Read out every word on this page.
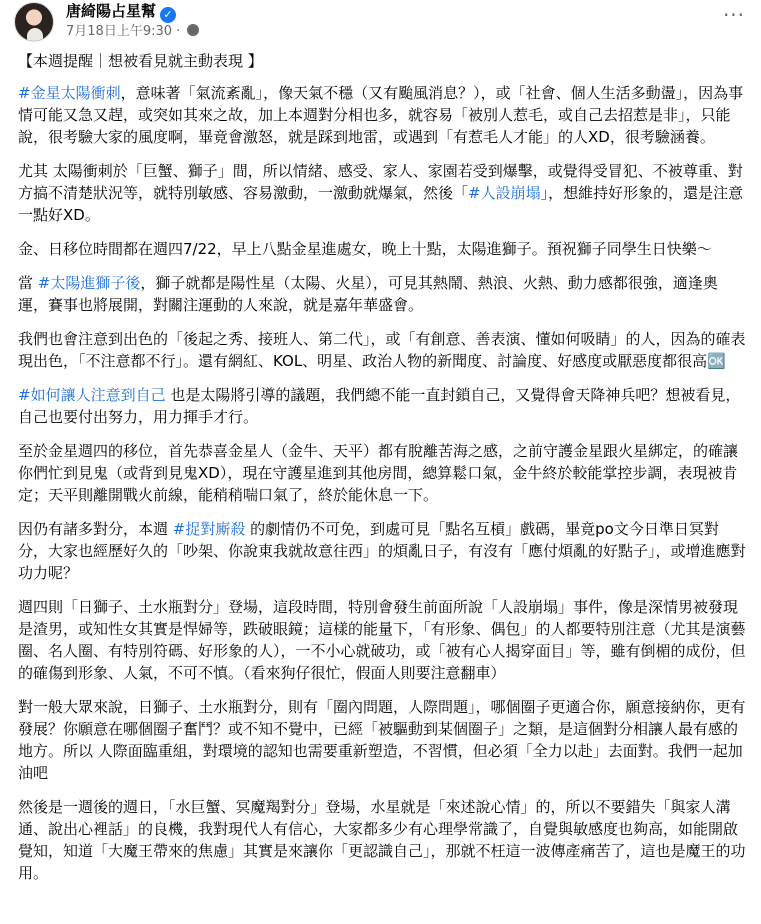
唐綺陽占星幫 ✓
7月18日上午9:30 ·
···

【本週提醒｜想被看見就主動表現 】

#金星太陽衝刺，意味著「氣流紊亂」，像天氣不穩（又有颱風消息？），或「社會、個人生活多動盪」，因為事情可能又急又趕，或突如其來之故，加上本週對分相也多，就容易「被別人惹毛，或自己去招惹是非」，只能說，很考驗大家的風度啊，畢竟會激怒，就是踩到地雷，或遇到「有惹毛人才能」的人XD，很考驗涵養。

尤其 太陽衝刺於「巨蟹、獅子」間，所以情緒、感受、家人、家園若受到爆擊，或覺得受冒犯、不被尊重、對方搞不清楚狀況等，就特別敏感、容易激動，一激動就爆氣，然後「#人設崩塌」，想維持好形象的，還是注意一點好XD。

金、日移位時間都在週四7/22，早上八點金星進處女，晚上十點，太陽進獅子。預祝獅子同學生日快樂～

當 #太陽進獅子後，獅子就都是陽性星（太陽、火星），可見其熱鬧、熱浪、火熱、動力感都很強，適逢奧運，賽事也將展開，對關注運動的人來說，就是嘉年華盛會。

我們也會注意到出色的「後起之秀、接班人、第二代」，或「有創意、善表演、懂如何吸睛」的人，因為的確表現出色，「不注意都不行」。還有網紅、KOL、明星、政治人物的新聞度、討論度、好感度或厭惡度都很高🆗

#如何讓人注意到自己 也是太陽將引導的議題，我們總不能一直封鎖自己，又覺得會天降神兵吧？想被看見，自己也要付出努力，用力揮手才行。

至於金星週四的移位，首先恭喜金星人（金牛、天平）都有脫離苦海之感，之前守護金星跟火星綁定，的確讓你們忙到見鬼（或背到見鬼XD），現在守護星進到其他房間，總算鬆口氣，金牛終於較能掌控步調，表現被肯定；天平則離開戰火前線，能稍稍喘口氣了，終於能休息一下。

因仍有諸多對分，本週 #捉對廝殺 的劇情仍不可免，到處可見「點名互槓」戲碼，畢竟po文今日準日冥對分，大家也經歷好久的「吵架、你說東我就故意往西」的煩亂日子，有沒有「應付煩亂的好點子」，或增進應對功力呢？

週四則「日獅子、土水瓶對分」登場，這段時間，特別會發生前面所說「人設崩塌」事件，像是深情男被發現是渣男，或知性女其實是悍婦等，跌破眼鏡；這樣的能量下，「有形象、偶包」的人都要特別注意（尤其是演藝圈、名人圈、有特別符碼、好形象的人），一不小心就破功，或「被有心人揭穿面目」等，雖有倒楣的成份，但的確傷到形象、人氣，不可不慎。（看來狗仔很忙，假面人則要注意翻車）

對一般大眾來說，日獅子、土水瓶對分，則有「圈內問題，人際問題」，哪個圈子更適合你，願意接納你，更有發展？你願意在哪個圈子奮鬥？或不知不覺中，已經「被驅動到某個圈子」之類，是這個對分相讓人最有感的地方。所以 人際面臨重組，對環境的認知也需要重新塑造，不習慣，但必須「全力以赴」去面對。我們一起加油吧

然後是一週後的週日，「水巨蟹、冥魔羯對分」登場，水星就是「來述說心情」的，所以不要錯失「與家人溝通、說出心裡話」的良機，我對現代人有信心，大家都多少有心理學常識了，自覺與敏感度也夠高，如能開啟覺知，知道「大魔王帶來的焦慮」其實是來讓你「更認識自己」，那就不枉這一波傳產痛苦了，這也是魔王的功用。
